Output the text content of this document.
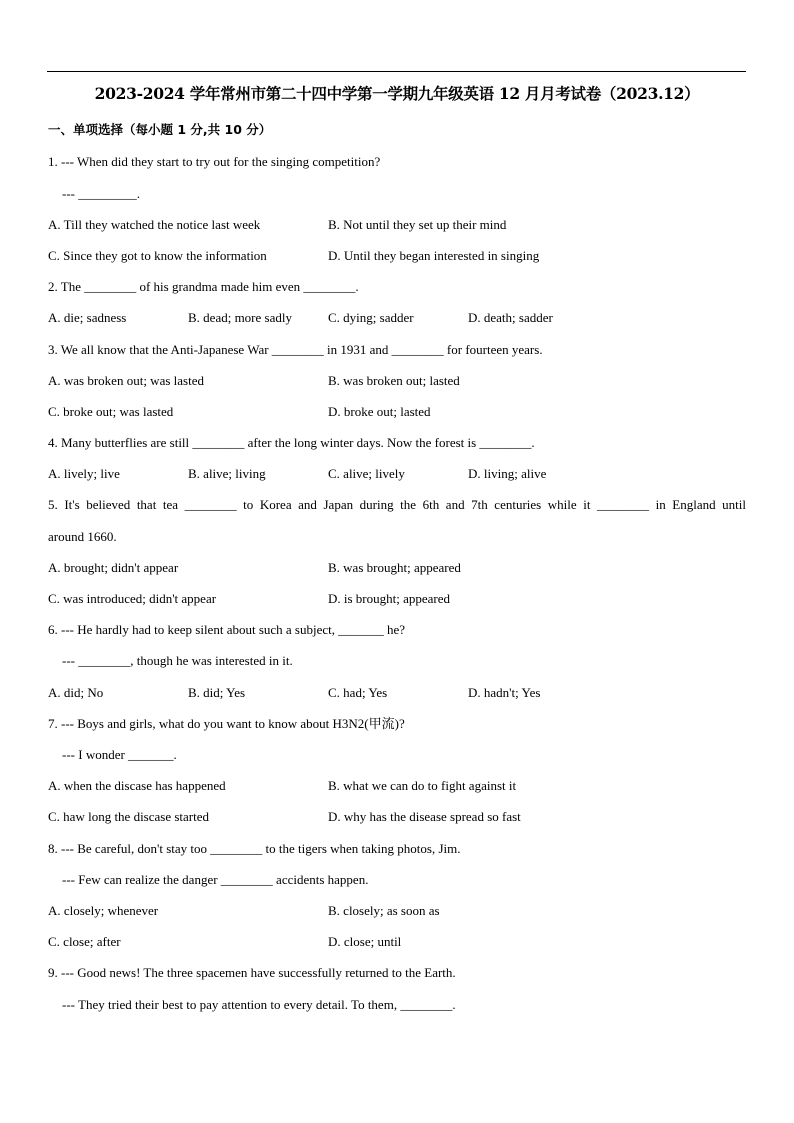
2023-2024 学年常州市第二十四中学第一学期九年级英语 12 月月考试卷（2023.12）
一、单项选择（每小题 1 分,共 10 分）
1. --- When did they start to try out for the singing competition?
--- _________.
A. Till they watched the notice last week	B. Not until they set up their mind
C. Since they got to know the information	D. Until they began interested in singing
2. The ________ of his grandma made him even ________.
A. die; sadness	B. dead; more sadly	C. dying; sadder	D. death; sadder
3. We all know that the Anti-Japanese War ________ in 1931 and ________ for fourteen years.
A. was broken out; was lasted	B. was broken out; lasted
C. broke out; was lasted	D. broke out; lasted
4. Many butterflies are still ________ after the long winter days. Now the forest is ________.
A. lively; live	B. alive; living	C. alive; lively	D. living; alive
5. It's believed that tea ________ to Korea and Japan during the 6th and 7th centuries while it ________ in England until
around 1660.
A. brought; didn't appear	B. was brought; appeared
C. was introduced; didn't appear	D. is brought; appeared
6. --- He hardly had to keep silent about such a subject, _______ he?
--- ________, though he was interested in it.
A. did; No	B. did; Yes	C. had; Yes	D. hadn't; Yes
7. --- Boys and girls, what do you want to know about H3N2(甲流)?
--- I wonder _______.
A. when the discase has happened	B. what we can do to fight against it
C. haw long the discase started	D. why has the disease spread so fast
8. --- Be careful, don't stay too ________ to the tigers when taking photos, Jim.
--- Few can realize the danger ________ accidents happen.
A. closely; whenever	B. closely; as soon as
C. close; after	D. close; until
9. --- Good news! The three spacemen have successfully returned to the Earth.
--- They tried their best to pay attention to every detail. To them, ________.
